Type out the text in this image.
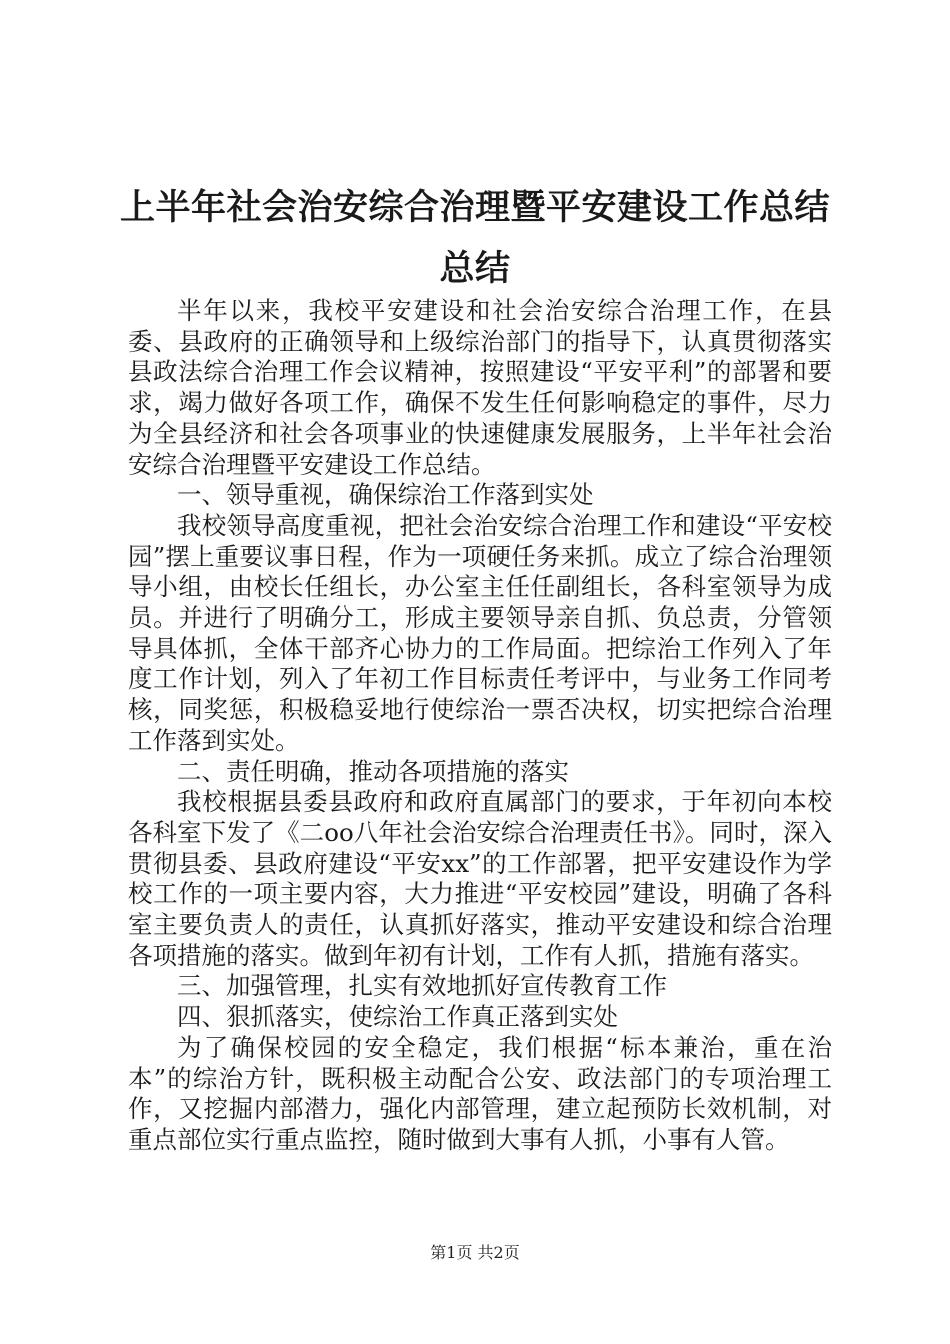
上半年社会治安综合治理暨平安建设工作总结
总结

半年以来，我校平安建设和社会治安综合治理工作，在县委、县政府的正确领导和上级综治部门的指导下，认真贯彻落实县政法综合治理工作会议精神，按照建设“平安平利”的部署和要求，竭力做好各项工作，确保不发生任何影响稳定的事件，尽力为全县经济和社会各项事业的快速健康发展服务，上半年社会治安综合治理暨平安建设工作总结。

一、领导重视，确保综治工作落到实处

我校领导高度重视，把社会治安综合治理工作和建设“平安校园”摆上重要议事日程，作为一项硬任务来抓。成立了综合治理领导小组，由校长任组长，办公室主任任副组长，各科室领导为成员。并进行了明确分工，形成主要领导亲自抓、负总责，分管领导具体抓，全体干部齐心协力的工作局面。把综治工作列入了年度工作计划，列入了年初工作目标责任考评中，与业务工作同考核，同奖惩，积极稳妥地行使综治一票否决权，切实把综合治理工作落到实处。

二、责任明确，推动各项措施的落实

我校根据县委县政府和政府直属部门的要求，于年初向本校各科室下发了《二oo八年社会治安综合治理责任书》。同时，深入贯彻县委、县政府建设“平安xx”的工作部署，把平安建设作为学校工作的一项主要内容，大力推进“平安校园”建设，明确了各科室主要负责人的责任，认真抓好落实，推动平安建设和综合治理各项措施的落实。做到年初有计划，工作有人抓，措施有落实。

三、加强管理，扎实有效地抓好宣传教育工作

四、狠抓落实，使综治工作真正落到实处

为了确保校园的安全稳定，我们根据“标本兼治，重在治本”的综治方针，既积极主动配合公安、政法部门的专项治理工作，又挖掘内部潜力，强化内部管理，建立起预防长效机制，对重点部位实行重点监控，随时做到大事有人抓，小事有人管。

第1页 共2页
